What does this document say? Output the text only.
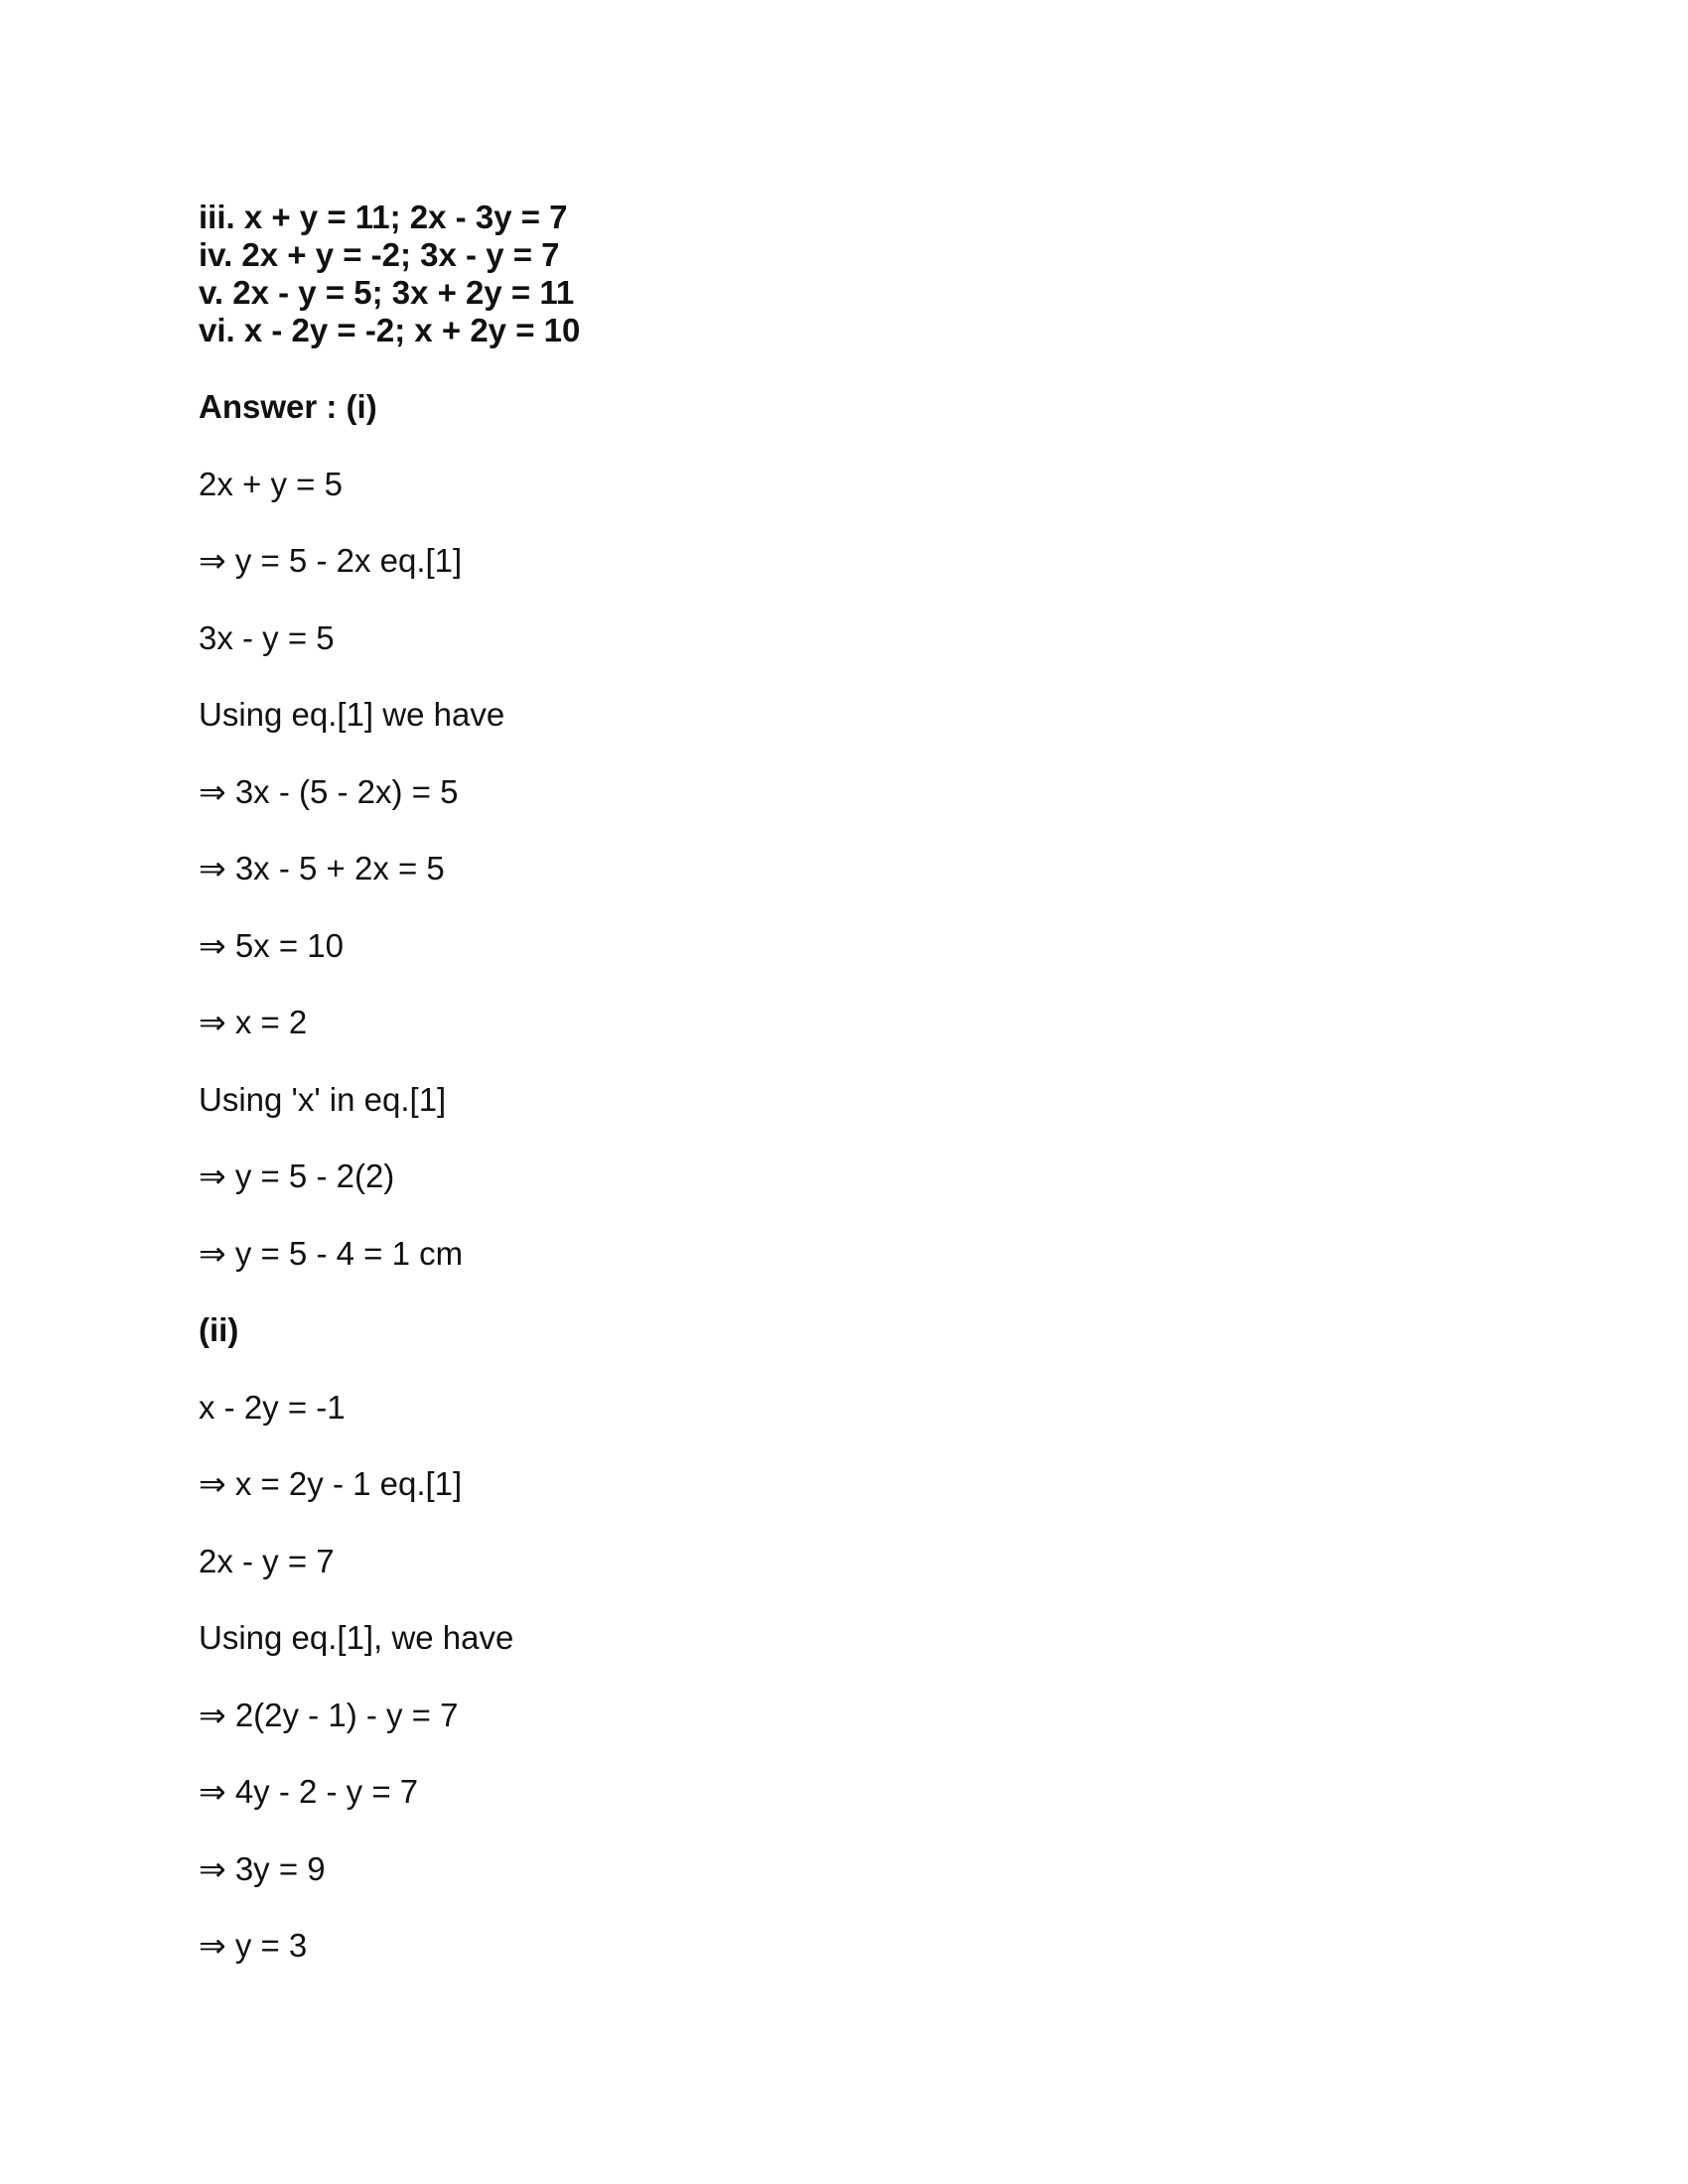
iii. x + y = 11; 2x - 3y = 7
iv. 2x + y = -2; 3x - y = 7
v. 2x - y = 5; 3x + 2y = 11
vi. x - 2y = -2; x + 2y = 10
Answer : (i)
2x + y = 5
⇒ y = 5 - 2x eq.[1]
3x - y = 5
Using eq.[1] we have
⇒ 3x - (5 - 2x) = 5
⇒ 3x - 5 + 2x = 5
⇒ 5x = 10
⇒ x = 2
Using 'x' in eq.[1]
⇒ y = 5 - 2(2)
⇒ y = 5 - 4 = 1 cm
(ii)
x - 2y = -1
⇒ x = 2y - 1 eq.[1]
2x - y = 7
Using eq.[1], we have
⇒ 2(2y - 1) - y = 7
⇒ 4y - 2 - y = 7
⇒ 3y = 9
⇒ y = 3
